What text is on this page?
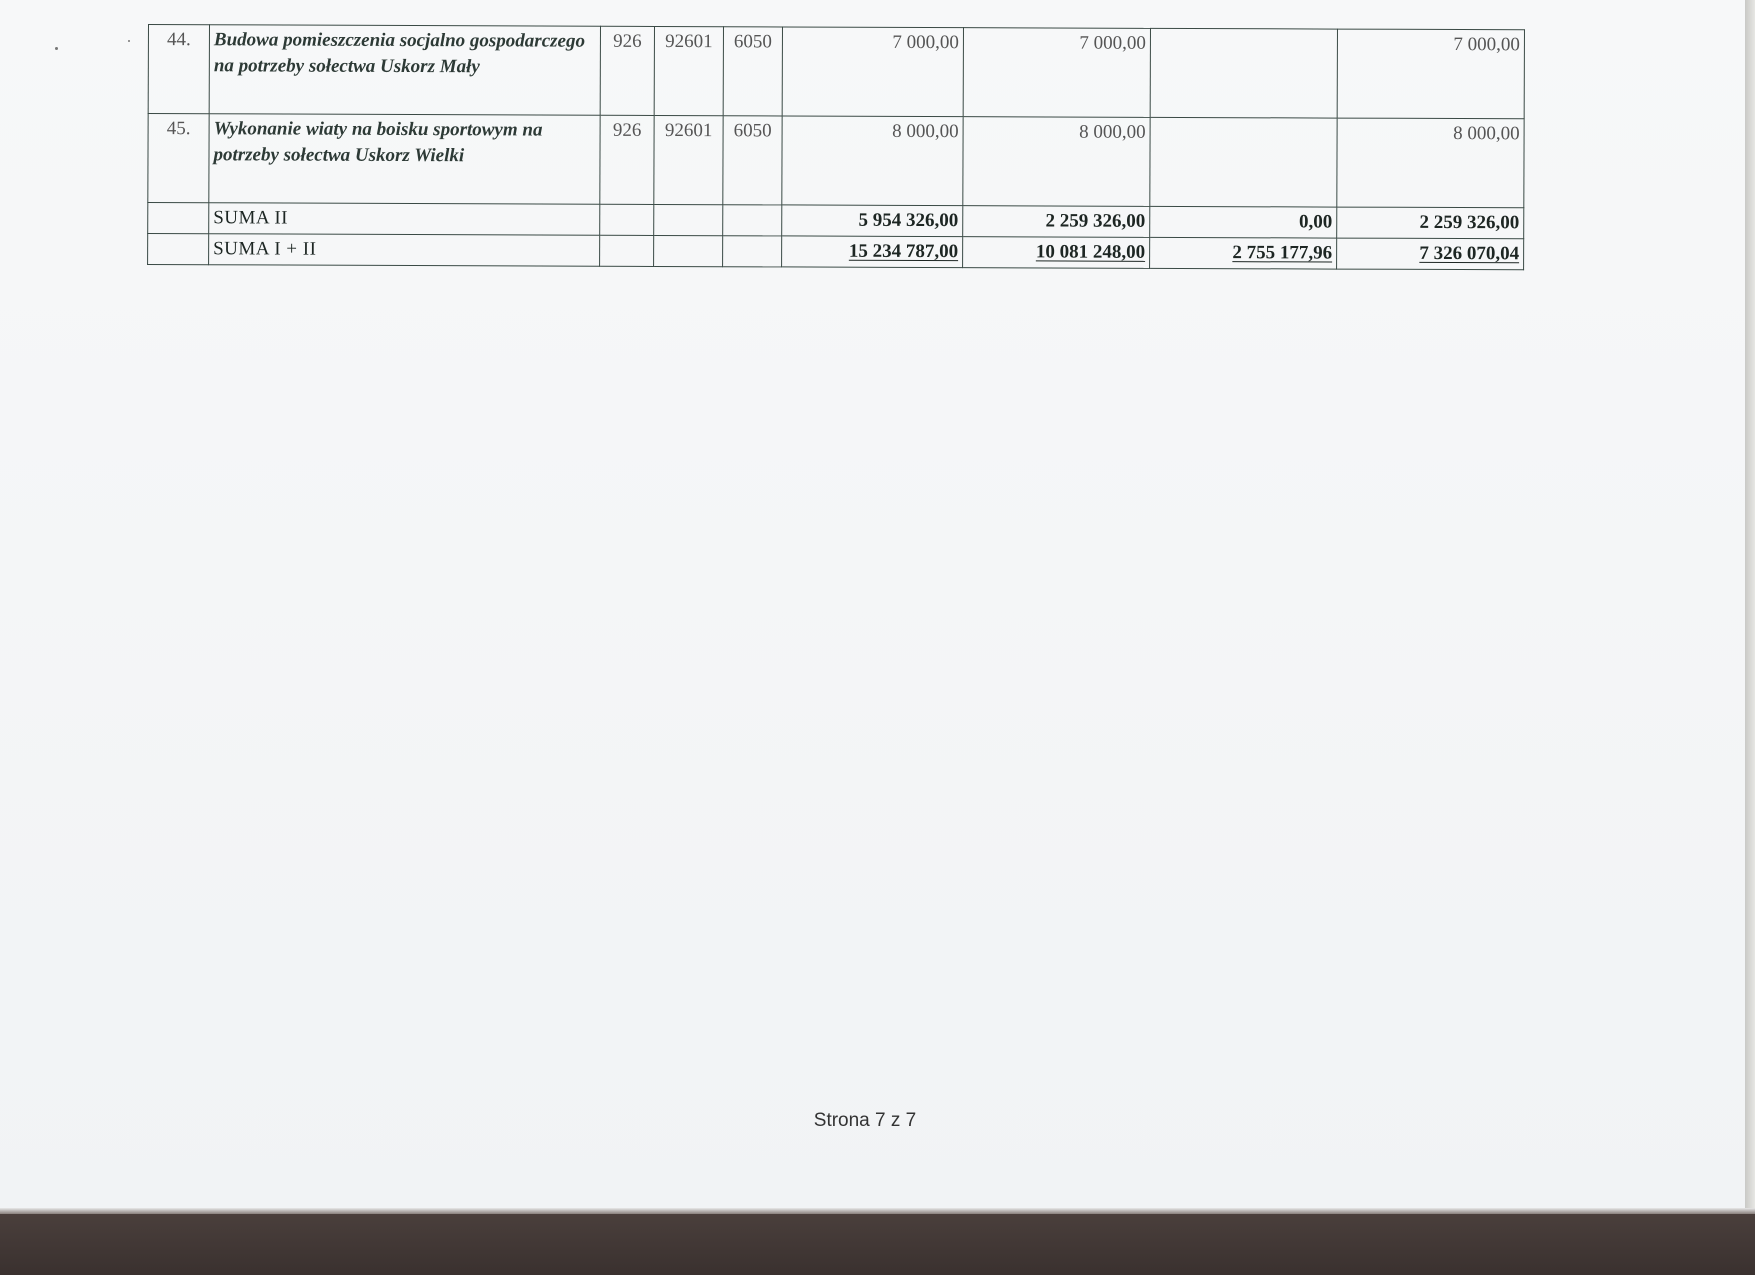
44.	Budowa pomieszczenia socjalno gospodarczego na potrzeby sołectwa Uskorz Mały	926	92601	6050	7 000,00	7 000,00		7 000,00
45.	Wykonanie wiaty na boisku sportowym na potrzeby sołectwa Uskorz Wielki	926	92601	6050	8 000,00	8 000,00		8 000,00
	SUMA II				5 954 326,00	2 259 326,00	0,00	2 259 326,00
	SUMA I + II				15 234 787,00	10 081 248,00	2 755 177,96	7 326 070,04
Strona 7 z 7
